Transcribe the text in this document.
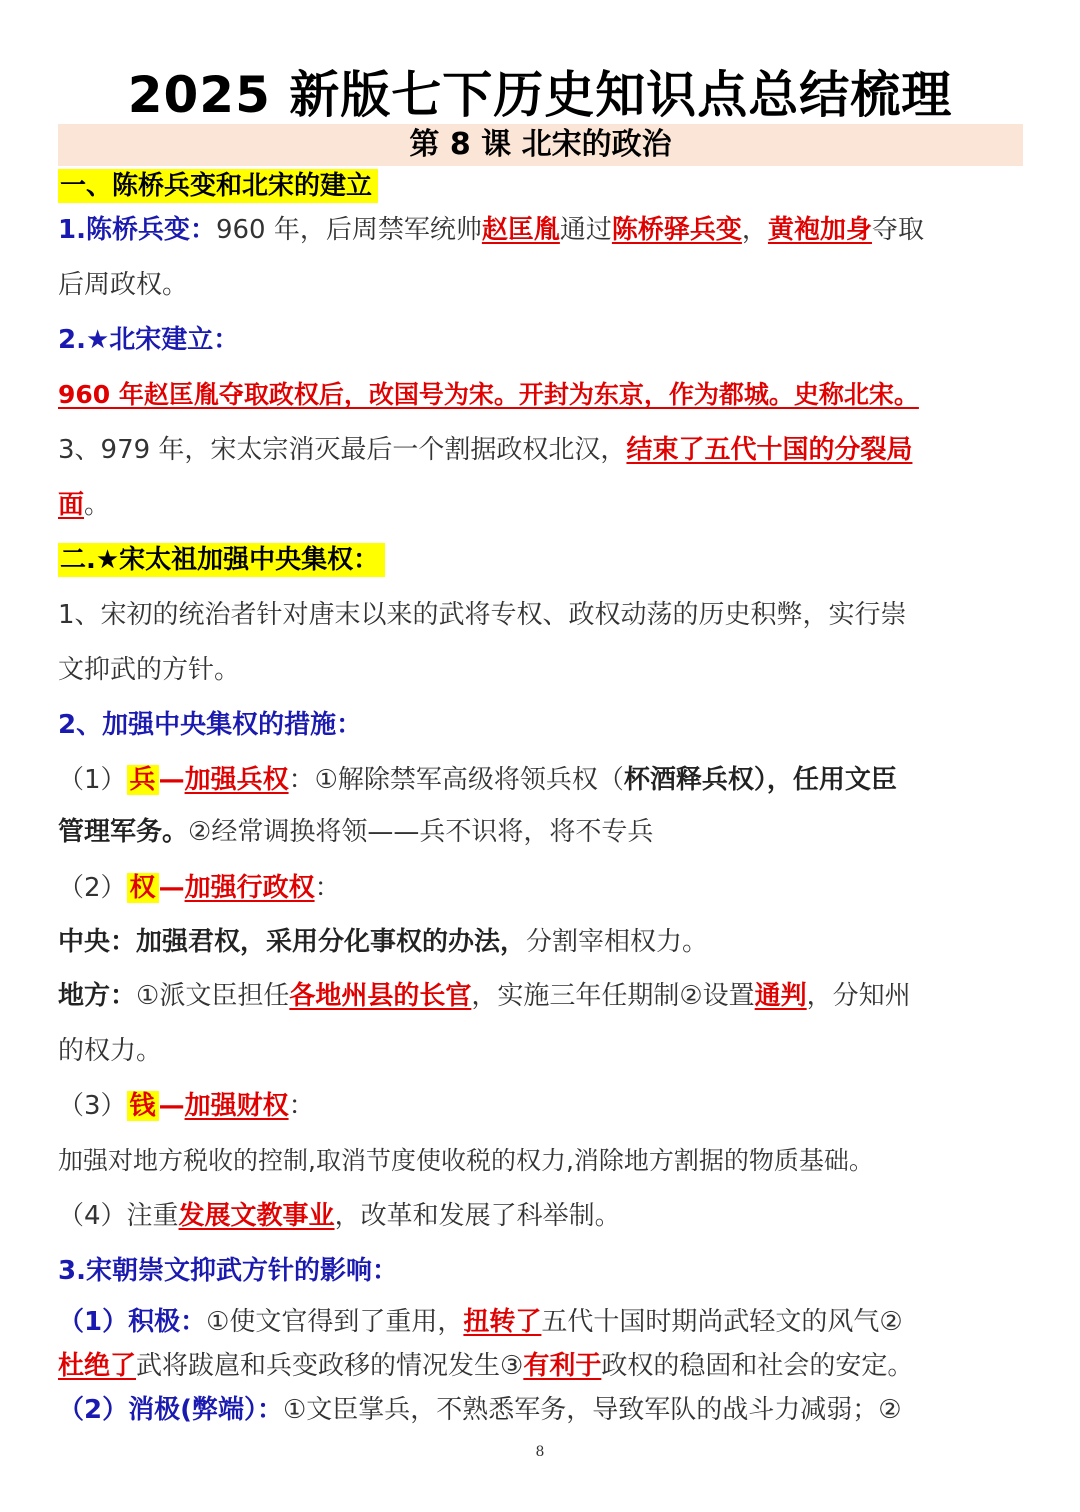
2025 新版七下历史知识点总结梳理
第 8 课 北宋的政治
一、陈桥兵变和北宋的建立
1.陈桥兵变：960 年，后周禁军统帅赵匡胤通过陈桥驿兵变，黄袍加身夺取
后周政权。
2.★北宋建立：
960 年赵匡胤夺取政权后，改国号为宋。开封为东京，作为都城。史称北宋。
3、979 年，宋太宗消灭最后一个割据政权北汉，结束了五代十国的分裂局
面。
二.★宋太祖加强中央集权：
1、宋初的统治者针对唐末以来的武将专权、政权动荡的历史积弊，实行崇
文抑武的方针。
2、加强中央集权的措施：
（1） 兵 —加强兵权：①解除禁军高级将领兵权（杯酒释兵权），任用文臣
管理军务。②经常调换将领——兵不识将，将不专兵
（2） 权 —加强行政权：
中央：加强君权，采用分化事权的办法，分割宰相权力。
地方：①派文臣担任各地州县的长官，实施三年任期制②设置通判，分知州
的权力。
（3） 钱 —加强财权：
加强对地方税收的控制,取消节度使收税的权力,消除地方割据的物质基础。
（4）注重发展文教事业，改革和发展了科举制。
3.宋朝崇文抑武方针的影响：
（1）积极：①使文官得到了重用，扭转了五代十国时期尚武轻文的风气②
杜绝了武将跋扈和兵变政移的情况发生③有利于政权的稳固和社会的安定。
（2）消极(弊端）：①文臣掌兵，不熟悉军务，导致军队的战斗力减弱；②
8
